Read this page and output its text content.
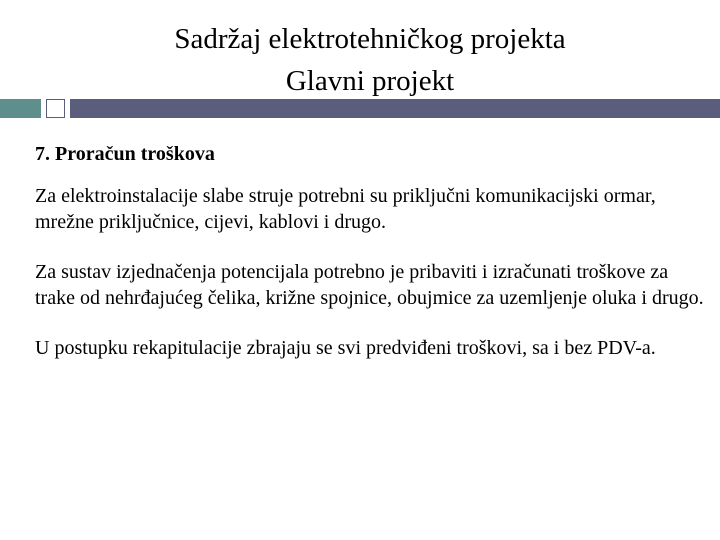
Sadržaj elektrotehničkog projekta
Glavni projekt

7. Proračun troškova

Za elektroinstalacije slabe struje potrebni su priključni komunikacijski ormar, mrežne priključnice, cijevi, kablovi i drugo.

Za sustav izjednačenja potencijala potrebno je pribaviti i izračunati troškove za trake od nehrđajućeg čelika, križne spojnice, obujmice za uzemljenje oluka i drugo.

U postupku rekapitulacije zbrajaju se svi predviđeni troškovi, sa i bez PDV-a.
